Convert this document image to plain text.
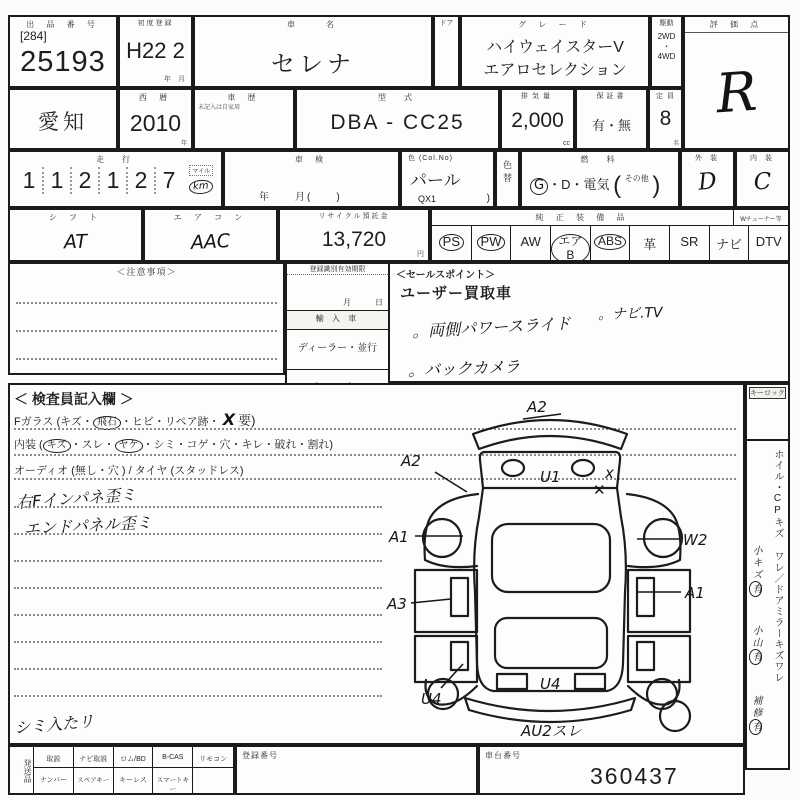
出 品 番 号
[284]
25193
初度登録
H22 2
年　月
車　　名
セレナ
ドア	グ レ ー ド
ハイウェイスターV
エアロセレクション
駆動
2WD
・
4WD
評 価 点
R
愛知
西 暦
2010
年
車 歴
未記入は自家用
型　式
DBA - CC25
排気量
2,000
cc
保証書
有・無
定 員
8
名
走　行
1 1 2 1 2 7	マイル
km
車 検
年　　月(　　)
色 (Col.No)
パール
QX1	)
色替
燃　料
G ・D・電気 ( $^{その他}$ )
外 装
D
内 装
C
シ フ ト
AT
エ ア コ ン
AAC
リサイクル預託金
13,720
円
純 正 装 備 品	Wチューナー等
PS	PW	AW	エアB
ABS	革	SR	ナビ	DTV
＜注意事項＞	登録識別有効期限
月　　　日
輸 入 車
ディーラー・並行
＜セールスポイント＞
ユーザー買取車
。両側パワースライド
。バックカメラ
。ナビ.TV
＜ 検査員記入欄 ＞
Fガラス (キズ・ 飛石 ・ヒビ・リペア跡・ X 要)
内装 ( キズ ・スレ・ ヤケ ・シミ・コゲ・穴・キレ・破れ・割れ)
オーディオ (無し・穴 ) / タイヤ (スタッドレス)
右Fインパネ歪ミ
エンドパネル歪ミ
シミ入たリ
A2
A2
U1	x
✕
A1	W2
A3
A1
U4
U4
AU2スレ
キーロック
ホイル・CPキズ ワレ／ドアミラーキズワレ
小キズ有
小山有
補修有
発送品	取説	ナビ取説	ロム/BD	B-CAS	リモコン
ナンバー	スペアキー	キーレス	スマートキー
登録番号	車台番号
360437
